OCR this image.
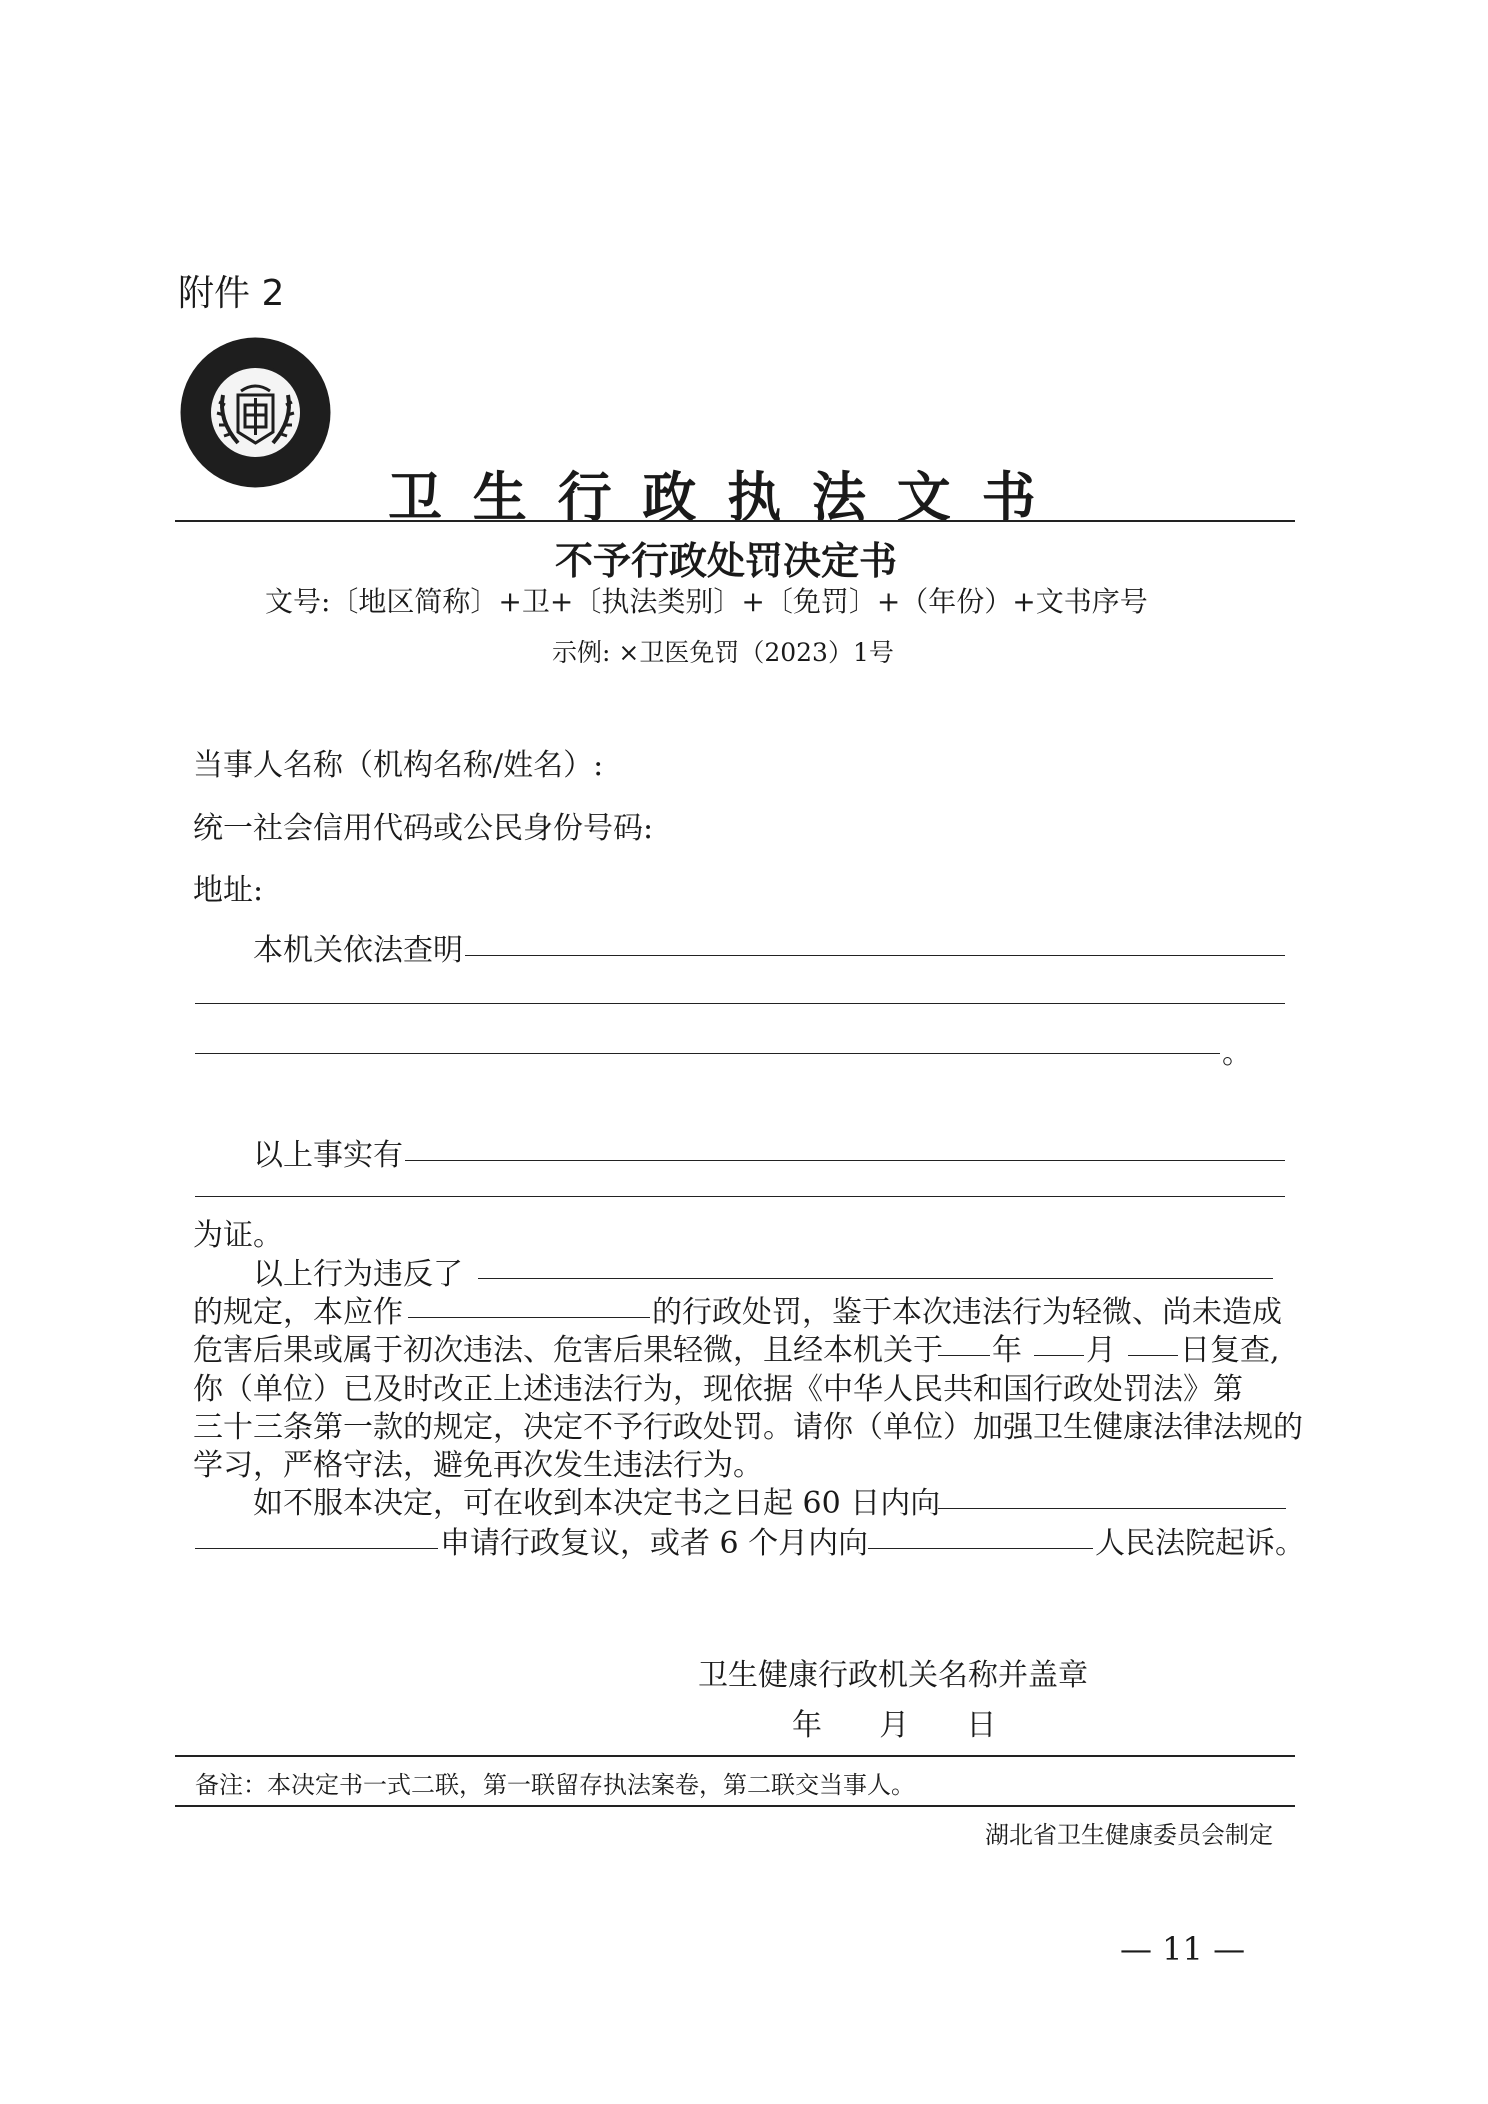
附件 2
卫 生 行 政 执 法 文 书
不予行政处罚决定书
文号:〔地区简称〕+卫+〔执法类别〕+〔免罚〕+（年份）+文书序号
示例: ×卫医免罚（2023）1号
当事人名称（机构名称/姓名）:
统一社会信用代码或公民身份号码:
地址:
本机关依法查明
。
以上事实有
为证。
以上行为违反了
的规定，本应作	的行政处罚，鉴于本次违法行为轻微、尚未造成
危害后果或属于初次违法、危害后果轻微，且经本机关于 年 月 日复查,
你（单位）已及时改正上述违法行为，现依据《中华人民共和国行政处罚法》第
三十三条第一款的规定，决定不予行政处罚。请你（单位）加强卫生健康法律法规的
学习，严格守法，避免再次发生违法行为。
如不服本决定，可在收到本决定书之日起 60 日内向
申请行政复议，或者 6 个月内向	人民法院起诉。
卫生健康行政机关名称并盖章
年      月      日
备注：本决定书一式二联，第一联留存执法案卷，第二联交当事人。
湖北省卫生健康委员会制定
— 11 —
